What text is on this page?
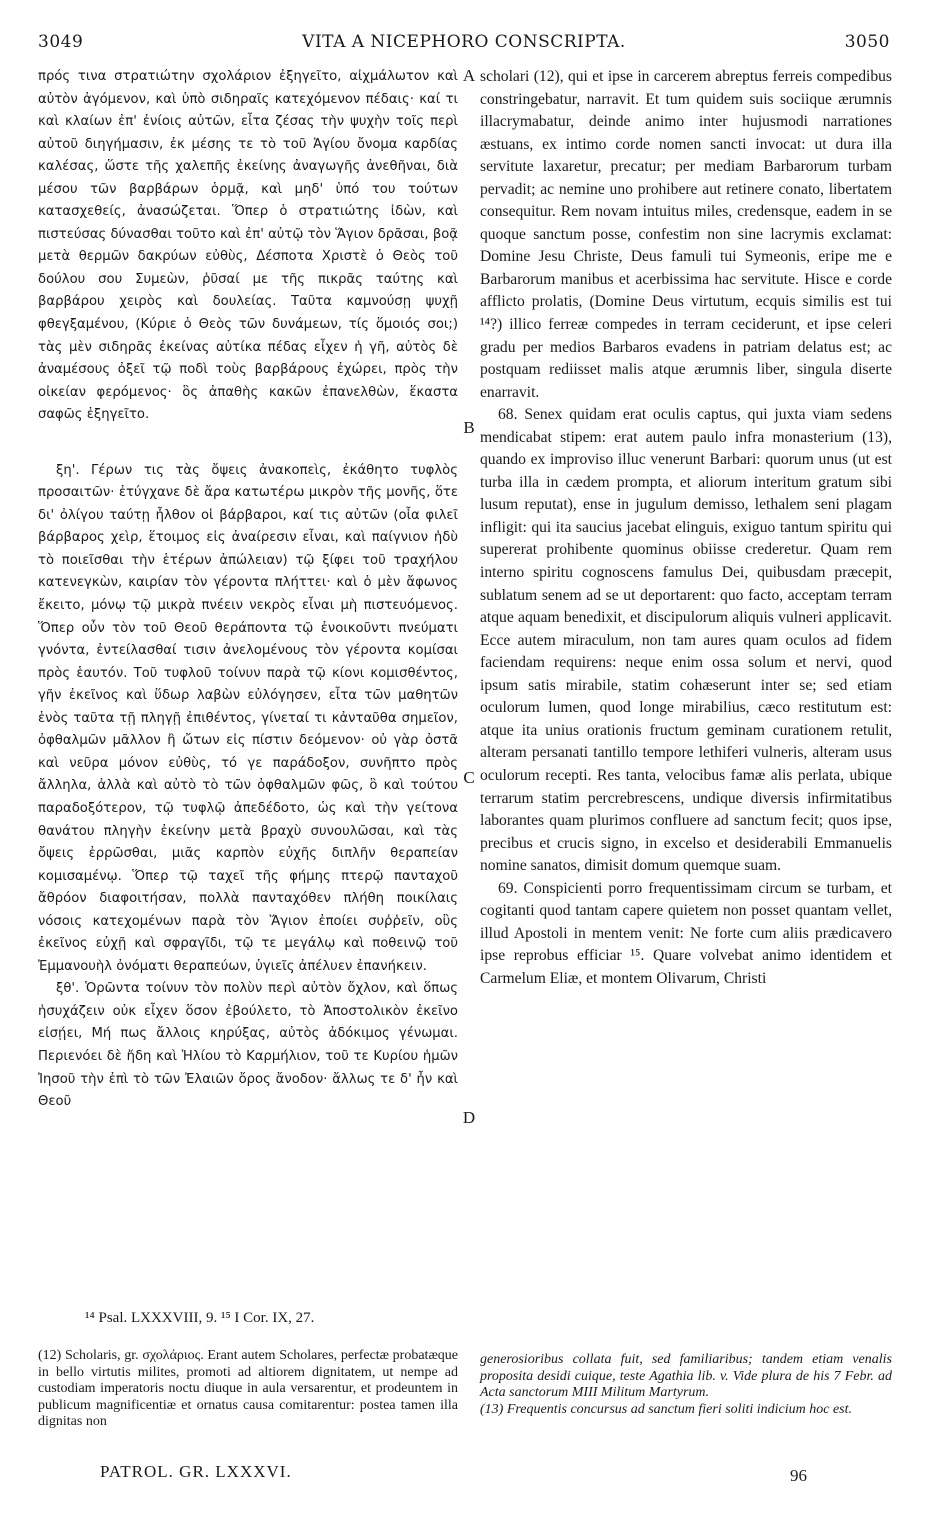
3049	VITA A NICEPHORO CONSCRIPTA.	3050

πρός τινα στρατιώτην σχολάριον ἐξηγεῖτο, αἰχμάλωτον καὶ αὐτὸν ἀγόμενον, καὶ ὑπὸ σιδηραῖς κατεχόμενον πέδαις· καί τι καὶ κλαίων ἐπ' ἐνίοις αὐτῶν, εἶτα ζέσας τὴν ψυχὴν τοῖς περὶ αὐτοῦ διηγήμασιν, ἐκ μέσης τε τὸ τοῦ Ἁγίου ὄνομα καρδίας καλέσας, ὥστε τῆς χαλεπῆς ἐκείνης ἀναγωγῆς ἀνεθῆναι, διὰ μέσου τῶν βαρβάρων ὁρμᾷ, καὶ μηδ' ὑπό του τούτων κατασχεθείς, ἀνασώζεται. Ὅπερ ὁ στρατιώτης ἰδὼν, καὶ πιστεύσας δύνασθαι τοῦτο καὶ ἐπ' αὐτῷ τὸν Ἅγιον δρᾶσαι, βοᾷ μετὰ θερμῶν δακρύων εὐθὺς, Δέσποτα Χριστὲ ὁ Θεὸς τοῦ δούλου σου Συμεὼν, ῥῦσαί με τῆς πικρᾶς ταύτης καὶ βαρβάρου χειρὸς καὶ δουλείας. Ταῦτα καμνούσῃ ψυχῇ φθεγξαμένου, (Κύριε ὁ Θεὸς τῶν δυνάμεων, τίς ὅμοιός σοι;) τὰς μὲν σιδηρᾶς ἐκείνας αὐτίκα πέδας εἶχεν ἡ γῆ, αὐτὸς δὲ ἀναμέσους ὀξεῖ τῷ ποδὶ τοὺς βαρβάρους ἐχώρει, πρὸς τὴν οἰκείαν φερόμενος· ὃς ἀπαθὴς κακῶν ἐπανελθὼν, ἕκαστα σαφῶς ἐξηγεῖτο.

ξη'. Γέρων τις τὰς ὄψεις ἀνακοπεὶς, ἐκάθητο τυφλὸς προσαιτῶν· ἐτύγχανε δὲ ἄρα κατωτέρω μικρὸν τῆς μονῆς, ὅτε δι' ὀλίγου ταύτῃ ἦλθον οἱ βάρβαροι, καί τις αὐτῶν (οἷα φιλεῖ βάρβαρος χεὶρ, ἕτοιμος εἰς ἀναίρεσιν εἶναι, καὶ παίγνιον ἡδὺ τὸ ποιεῖσθαι τὴν ἑτέρων ἀπώλειαν) τῷ ξίφει τοῦ τραχήλου κατενεγκὼν, καιρίαν τὸν γέροντα πλήττει· καὶ ὁ μὲν ἄφωνος ἔκειτο, μόνῳ τῷ μικρὰ πνέειν νεκρὸς εἶναι μὴ πιστευόμενος. Ὅπερ οὖν τὸν τοῦ Θεοῦ θεράποντα τῷ ἐνοικοῦντι πνεύματι γνόντα, ἐντείλασθαί τισιν ἀνελομένους τὸν γέροντα κομίσαι πρὸς ἑαυτόν. Τοῦ τυφλοῦ τοίνυν παρὰ τῷ κίονι κομισθέντος, γῆν ἐκεῖνος καὶ ὕδωρ λαβὼν εὐλόγησεν, εἶτα τῶν μαθητῶν ἑνὸς ταῦτα τῇ πληγῇ ἐπιθέντος, γίνεταί τι κἀνταῦθα σημεῖον, ὀφθαλμῶν μᾶλλον ἢ ὤτων εἰς πίστιν δεόμενον· οὐ γὰρ ὀστᾶ καὶ νεῦρα μόνον εὐθὺς, τό γε παράδοξον, συνῆπτο πρὸς ἄλληλα, ἀλλὰ καὶ αὐτὸ τὸ τῶν ὀφθαλμῶν φῶς, ὃ καὶ τούτου παραδοξότερον, τῷ τυφλῷ ἀπεδέδοτο, ὡς καὶ τὴν γείτονα θανάτου πληγὴν ἐκείνην μετὰ βραχὺ συνουλῶσαι, καὶ τὰς ὄψεις ἐρρῶσθαι, μιᾶς καρπὸν εὐχῆς διπλῆν θεραπείαν κομισαμένῳ. Ὅπερ τῷ ταχεῖ τῆς φήμης πτερῷ πανταχοῦ ἄθρόον διαφοιτήσαν, πολλὰ πανταχόθεν πλήθη ποικίλαις νόσοις κατεχομένων παρὰ τὸν Ἅγιον ἐποίει συῤῥεῖν, οὓς ἐκεῖνος εὐχῇ καὶ σφραγῖδι, τῷ τε μεγάλῳ καὶ ποθεινῷ τοῦ Ἐμμανουὴλ ὀνόματι θεραπεύων, ὑγιεῖς ἀπέλυεν ἐπανήκειν.

ξθ'. Ὁρῶντα τοίνυν τὸν πολὺν περὶ αὐτὸν ὄχλον, καὶ ὅπως ἡσυχάζειν οὐκ εἶχεν ὅσον ἐβούλετο, τὸ Ἀποστολικὸν ἐκεῖνο εἰσῄει, Μή πως ἄλλοις κηρύξας, αὐτὸς ἀδόκιμος γένωμαι. Περιενόει δὲ ἤδη καὶ Ἡλίου τὸ Καρμήλιον, τοῦ τε Κυρίου ἡμῶν Ἰησοῦ τὴν ἐπὶ τὸ τῶν Ἐλαιῶν ὄρος ἄνοδον· ἄλλως τε δ' ἦν καὶ Θεοῦ

A
B
C
D

scholari (12), qui et ipse in carcerem abreptus ferreis compedibus constringebatur, narravit. Et tum quidem suis sociique ærumnis illacrymabatur, deinde animo inter hujusmodi narrationes æstuans, ex intimo corde nomen sancti invocat: ut dura illa servitute laxaretur, precatur; per mediam Barbarorum turbam pervadit; ac nemine uno prohibere aut retinere conato, libertatem consequitur. Rem novam intuitus miles, credensque, eadem in se quoque sanctum posse, confestim non sine lacrymis exclamat: Domine Jesu Christe, Deus famuli tui Symeonis, eripe me e Barbarorum manibus et acerbissima hac servitute. Hisce e corde afflicto prolatis, (Domine Deus virtutum, ecquis similis est tui ¹⁴?) illico ferreæ compedes in terram ceciderunt, et ipse celeri gradu per medios Barbaros evadens in patriam delatus est; ac postquam rediisset malis atque ærumnis liber, singula diserte enarravit.

68. Senex quidam erat oculis captus, qui juxta viam sedens mendicabat stipem: erat autem paulo infra monasterium (13), quando ex improviso illuc venerunt Barbari: quorum unus (ut est turba illa in cædem prompta, et aliorum interitum gratum sibi lusum reputat), ense in jugulum demisso, lethalem seni plagam infligit: qui ita saucius jacebat elinguis, exiguo tantum spiritu qui supererat prohibente quominus obiisse crederetur. Quam rem interno spiritu cognoscens famulus Dei, quibusdam præcepit, sublatum senem ad se ut deportarent: quo facto, acceptam terram atque aquam benedixit, et discipulorum aliquis vulneri applicavit. Ecce autem miraculum, non tam aures quam oculos ad fidem faciendam requirens: neque enim ossa solum et nervi, quod ipsum satis mirabile, statim cohæserunt inter se; sed etiam oculorum lumen, quod longe mirabilius, cæco restitutum est: atque ita unius orationis fructum geminam curationem retulit, alteram persanati tantillo tempore lethiferi vulneris, alteram usus oculorum recepti. Res tanta, velocibus famæ alis perlata, ubique terrarum statim percrebrescens, undique diversis infirmitatibus laborantes quam plurimos confluere ad sanctum fecit; quos ipse, precibus et crucis signo, in excelso et desiderabili Emmanuelis nomine sanatos, dimisit domum quemque suam.

69. Conspicienti porro frequentissimam circum se turbam, et cogitanti quod tantam capere quietem non posset quantam vellet, illud Apostoli in mentem venit: Ne forte cum aliis prædicavero ipse reprobus efficiar ¹⁵. Quare volvebat animo identidem et Carmelum Eliæ, et montem Olivarum, Christi

¹⁴ Psal. LXXXVIII, 9. ¹⁵ I Cor. IX, 27.

(12) Scholaris, gr. σχολάριος. Erant autem Scholares, perfectæ probatæque in bello virtutis milites, promoti ad altiorem dignitatem, ut nempe ad custodiam imperatoris noctu diuque in aula versarentur, et prodeuntem in publicum magnificentiæ et ornatus causa comitarentur: postea tamen illa dignitas non

generosioribus collata fuit, sed familiaribus; tandem etiam venalis proposita desidi cuique, teste Agathia lib. v. Vide plura de his 7 Febr. ad Acta sanctorum MIII Militum Martyrum.

(13) Frequentis concursus ad sanctum fieri soliti indicium hoc est.

PATROL. GR. LXXXVI.	96
